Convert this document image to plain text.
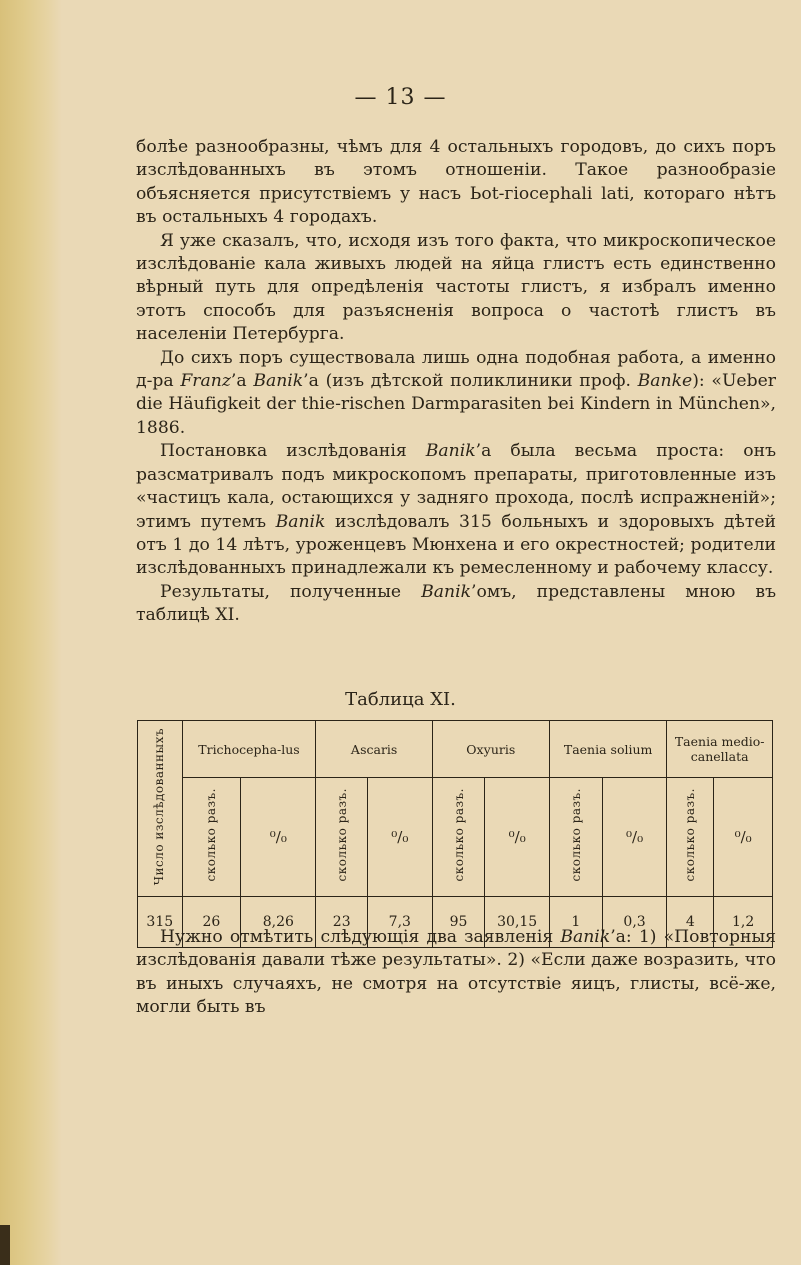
— 13 —

болѣе разнообразны, чѣмъ для 4 остальныхъ городовъ, до сихъ поръ изслѣдованныхъ въ этомъ отношеніи. Такое разнообразіе объясняется присутствіемъ у насъ Ьоt-гіосерhаli lаti, котораго нѣтъ въ остальныхъ 4 городахъ.

Я уже сказалъ, что, исходя изъ того факта, что микроскопическое изслѣдованіе кала живыхъ людей на яйца глистъ есть единственно вѣрный путь для опредѣленія частоты глистъ, я избралъ именно этотъ способъ для разъясненія вопроса о частотѣ глистъ въ населеніи Петербурга.

До сихъ поръ существовала лишь одна подобная работа, а именно д-ра Frаnz’а Ваnіk’а (изъ дѣтской поликлиники проф. Ваnkе): «Uеbеr dіе Нäufіgkеіt dеr thіе-rіsсhеn Dаrmраrаsіtеn bеі Кіndеrn іn Мünсhеn», 1886.

Постановка изслѣдованія Ваnіk’а была весьма проста: онъ разсматривалъ подъ микроскопомъ препараты, приготовленные изъ «частицъ кала, остающихся у задняго прохода, послѣ испражненій»; этимъ путемъ Ваnіk изслѣдовалъ 315 больныхъ и здоровыхъ дѣтей отъ 1 до 14 лѣтъ, уроженцевъ Мюнхена и его окрестностей; родители изслѣдованныхъ принадлежали къ ремесленному и рабочему классу.

Результаты, полученные Ваnіk’омъ, представлены мною въ таблицѣ XI.

Таблица XI.
Число изслѣдованныхъ	Тrісhосерhа-lus		Аsсаris		Охуuris		Таеnіа sоlіum		Таеnіа mеdіо-саnеllаtа	
	сколько разъ.	⁰/₀	сколько разъ.	⁰/₀	сколько разъ.	⁰/₀	сколько разъ.	⁰/₀	сколько разъ.	⁰/₀
315	26	8,26	23	7,3	95	30,15	1	0,3	4	1,2

Нужно отмѣтить слѣдующія два заявленія Ваnіk’а: 1) «Повторныя изслѣдованія давали тѣже результаты». 2) «Если даже возразить, что въ иныхъ случаяхъ, не смотря на отсутствіе яицъ, глисты, всё-же, могли быть въ
